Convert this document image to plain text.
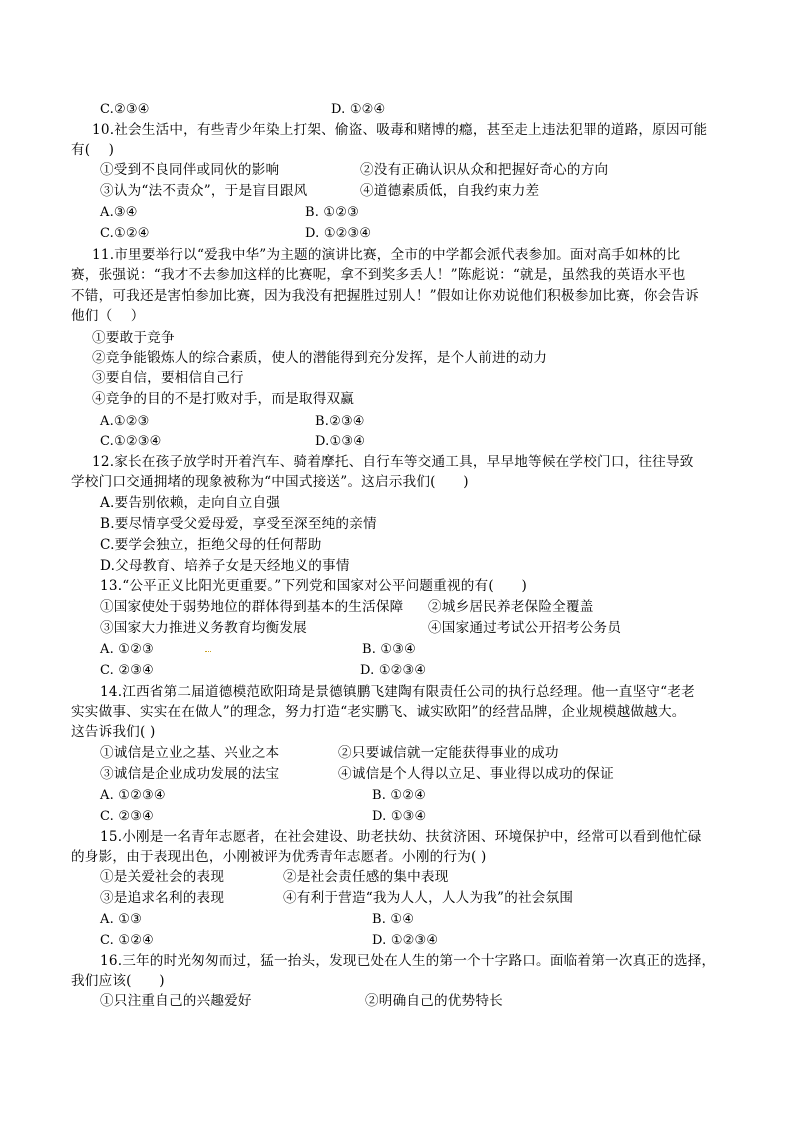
C.②③④	D. ①②④
10.社会生活中，有些青少年染上打架、偷盗、吸毒和赌博的瘾，甚至走上违法犯罪的道路，原因可能
有( 　)
①受到不良同伴或同伙的影响	②没有正确认识从众和把握好奇心的方向
③认为“法不责众”，于是盲目跟风	④道德素质低，自我约束力差
A.③④	B. ①②③
C.①②④	D. ①②③④
11.市里要举行以“爱我中华”为主题的演讲比赛，全市的中学都会派代表参加。面对高手如林的比
赛，张强说：“我才不去参加这样的比赛呢，拿不到奖多丢人！”陈彪说：“就是，虽然我的英语水平也
不错，可我还是害怕参加比赛，因为我没有把握胜过别人！”假如让你劝说他们积极参加比赛，你会告诉
他们（ 　）
①要敢于竞争
②竞争能锻炼人的综合素质，使人的潜能得到充分发挥，是个人前进的动力
③要自信，要相信自己行
④竞争的目的不是打败对手，而是取得双赢
A.①②③	B.②③④
C.①②③④	D.①③④
12.家长在孩子放学时开着汽车、骑着摩托、自行车等交通工具，早早地等候在学校门口，往往导致
学校门口交通拥堵的现象被称为“中国式接送”。这启示我们(　　)
A.要告别依赖，走向自立自强
B.要尽情享受父爱母爱，享受至深至纯的亲情
C.要学会独立，拒绝父母的任何帮助
D.父母教育、培养子女是天经地义的事情
13.“公平正义比阳光更重要。”下列党和国家对公平问题重视的有(　　)
①国家使处于弱势地位的群体得到基本的生活保障 ②城乡居民养老保险全覆盖
③国家大力推进义务教育均衡发展	④国家通过考试公开招考公务员
A. ①②③	B. ①③④
C. ②③④	D. ①②③④
14.江西省第二届道德模范欧阳琦是景德镇鹏飞建陶有限责任公司的执行总经理。他一直坚守“老老
实实做事、实实在在做人”的理念，努力打造“老实鹏飞、诚实欧阳”的经营品牌，企业规模越做越大。
这告诉我们( )
①诚信是立业之基、兴业之本	②只要诚信就一定能获得事业的成功
③诚信是企业成功发展的法宝	④诚信是个人得以立足、事业得以成功的保证
A. ①②③④	B. ①②④
C. ②③④	D. ①③④
15.小刚是一名青年志愿者，在社会建设、助老扶幼、扶贫济困、环境保护中，经常可以看到他忙碌
的身影，由于表现出色，小刚被评为优秀青年志愿者。小刚的行为( )
①是关爱社会的表现	②是社会责任感的集中表现
③是追求名利的表现	④有利于营造“我为人人，人人为我”的社会氛围
A. ①③	B. ①④
C. ①②④	D. ①②③④
16.三年的时光匆匆而过，猛一抬头，发现已处在人生的第一个十字路口。面临着第一次真正的选择，
我们应该(　　)
①只注重自己的兴趣爱好	②明确自己的优势特长
